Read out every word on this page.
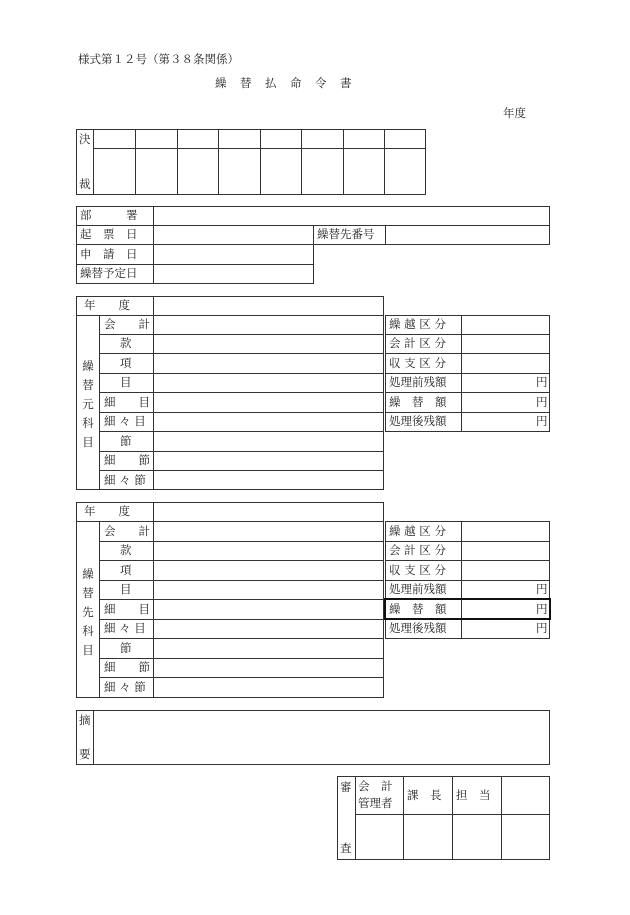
様式第１２号（第３８条関係）
繰　替　払　命　令　書
年度
決
裁
部　　　署
起　票　日	繰替先番号
申　請　日
繰替予定日
年　　度
繰
替
元
科
目
会　　計
款
項
目
細　　目
細 々 目
節
細　　節
細 々 節
繰 越 区 分
会 計 区 分
収 支 区 分
処理前残額
繰　替　額
処理後残額
円
円
円
年　　度
繰
替
先
科
目
会　　計
款
項
目
細　　目
細 々 目
節
細　　節
細 々 節
繰 越 区 分
会 計 区 分
収 支 区 分
処理前残額
繰　替　額
処理後残額
円
円
円
摘
要
審
査
会　計
管理者
課　長 担　当
